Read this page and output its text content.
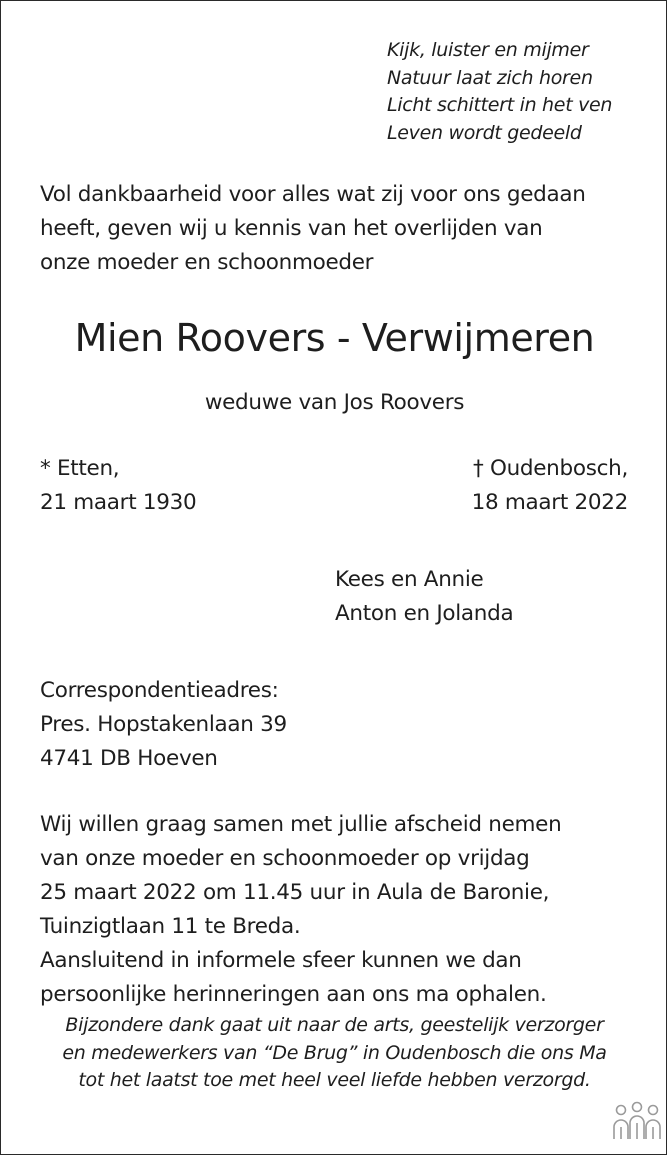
Kijk, luister en mijmer
Natuur laat zich horen
Licht schittert in het ven
Leven wordt gedeeld
Vol dankbaarheid voor alles wat zij voor ons gedaan
heeft, geven wij u kennis van het overlijden van
onze moeder en schoonmoeder
Mien Roovers - Verwijmeren
weduwe van Jos Roovers
* Etten,
21 maart 1930
† Oudenbosch,
18 maart 2022
Kees en Annie
Anton en Jolanda
Correspondentieadres:
Pres. Hopstakenlaan 39
4741 DB Hoeven
Wij willen graag samen met jullie afscheid nemen
van onze moeder en schoonmoeder op vrijdag
25 maart 2022 om 11.45 uur in Aula de Baronie,
Tuinzigtlaan 11 te Breda.
Aansluitend in informele sfeer kunnen we dan
persoonlijke herinneringen aan ons ma ophalen.
Bijzondere dank gaat uit naar de arts, geestelijk verzorger
en medewerkers van “De Brug” in Oudenbosch die ons Ma
tot het laatst toe met heel veel liefde hebben verzorgd.
